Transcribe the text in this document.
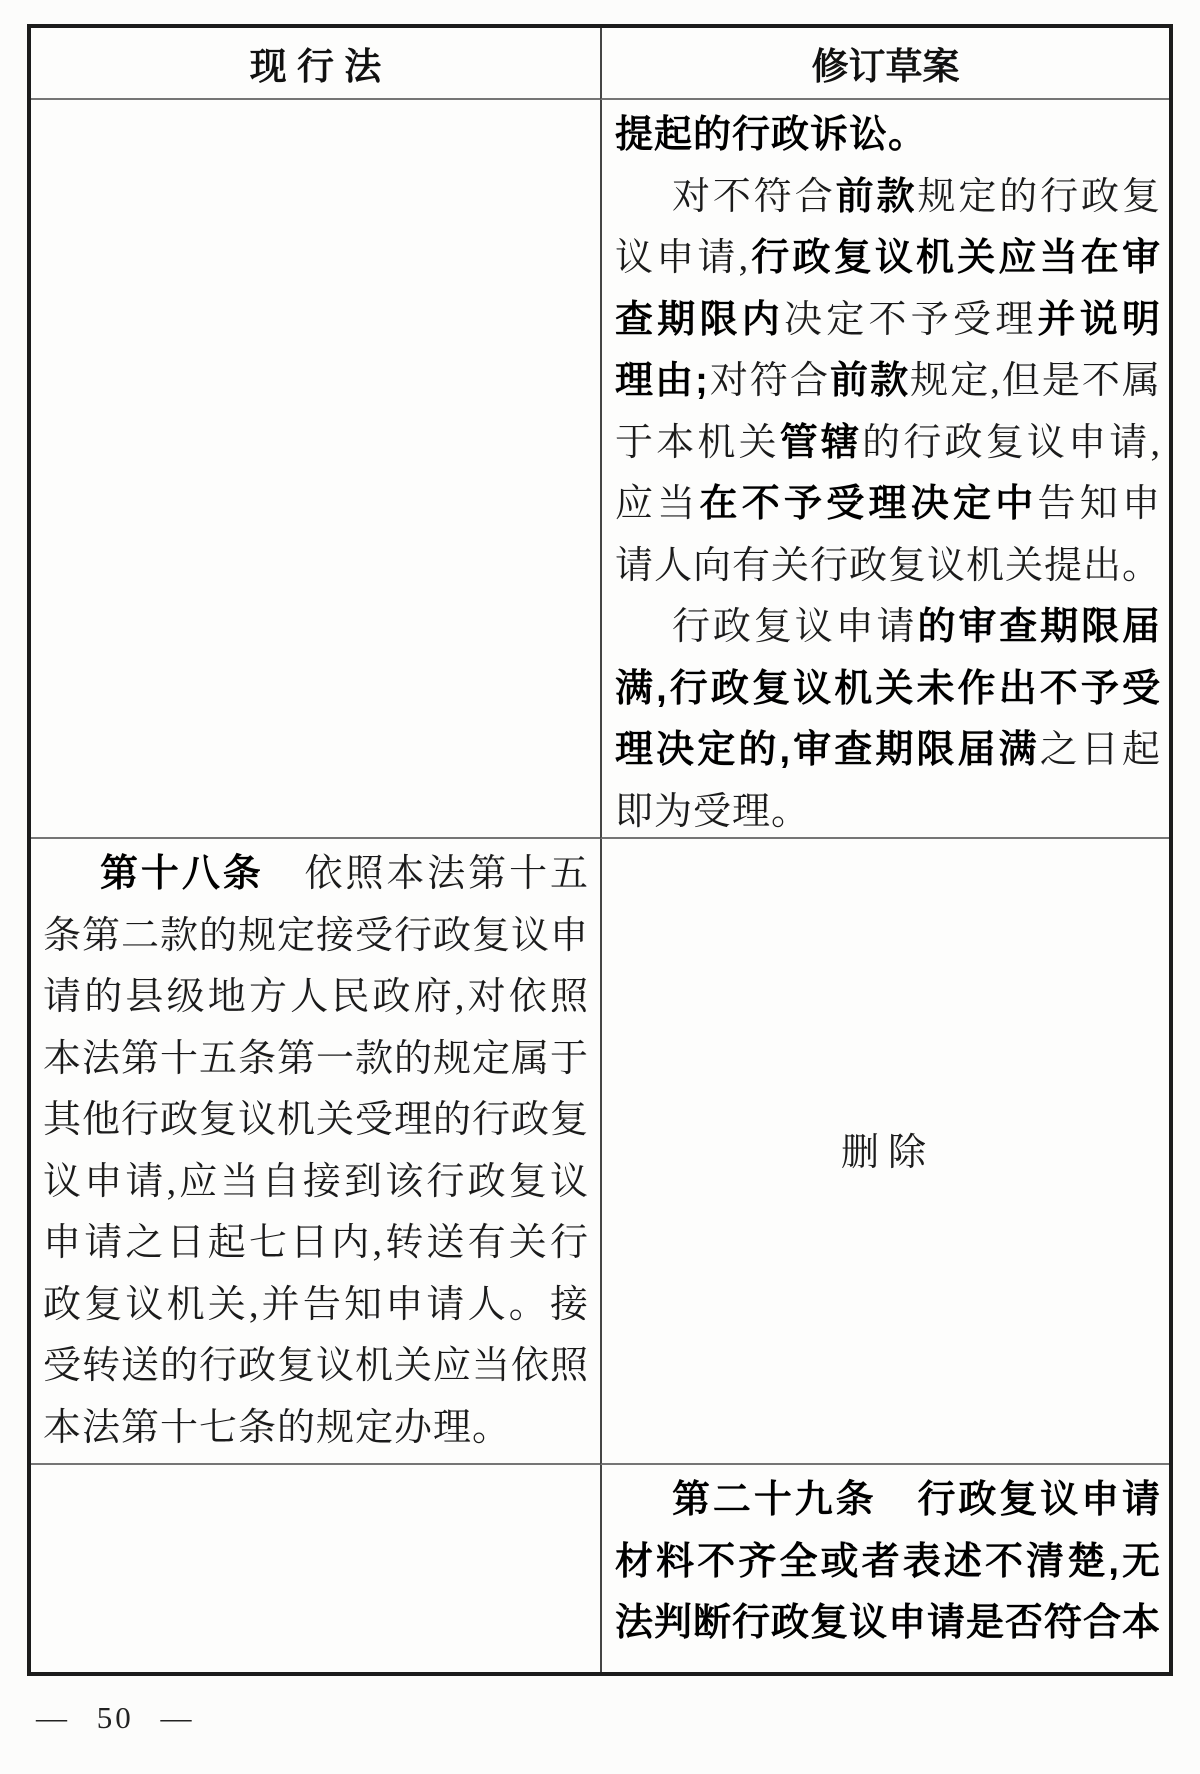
现 行 法	修订草案

提起的行政诉讼。

对不符合前款规定的行政复议申请,行政复议机关应当在审查期限内决定不予受理并说明理由;对符合前款规定,但是不属于本机关管辖的行政复议申请,应当在不予受理决定中告知申请人向有关行政复议机关提出。

行政复议申请的审查期限届满,行政复议机关未作出不予受理决定的,审查期限届满之日起即为受理。

第十八条　依照本法第十五条第二款的规定接受行政复议申请的县级地方人民政府,对依照本法第十五条第一款的规定属于其他行政复议机关受理的行政复议申请,应当自接到该行政复议申请之日起七日内,转送有关行政复议机关,并告知申请人。接受转送的行政复议机关应当依照本法第十七条的规定办理。

删除

第二十九条　行政复议申请材料不齐全或者表述不清楚,无法判断行政复议申请是否符合本

— 50 —
